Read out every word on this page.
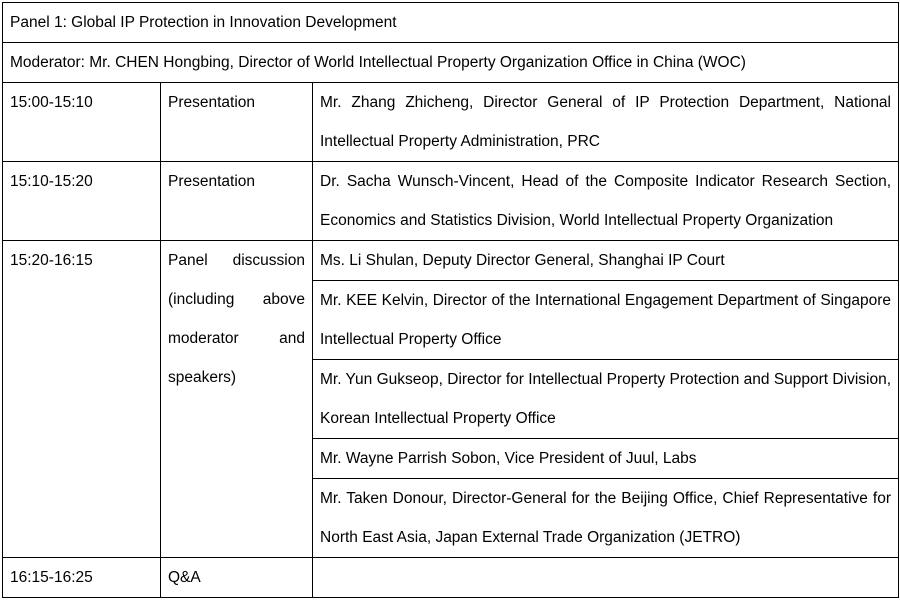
Panel 1: Global IP Protection in Innovation Development		
Moderator: Mr. CHEN Hongbing, Director of World Intellectual Property Organization Office in China (WOC)		
15:00-15:10	Presentation	Mr. Zhang Zhicheng, Director General of IP Protection Department, National Intellectual Property Administration, PRC
15:10-15:20	Presentation	Dr. Sacha Wunsch-Vincent, Head of the Composite Indicator Research Section, Economics and Statistics Division, World Intellectual Property Organization
15:20-16:15	Panel discussion (including above moderator and speakers)	Ms. Li Shulan, Deputy Director General, Shanghai IP Court
		Mr. KEE Kelvin, Director of the International Engagement Department of Singapore Intellectual Property Office
		Mr. Yun Gukseop, Director for Intellectual Property Protection and Support Division, Korean Intellectual Property Office
		Mr. Wayne Parrish Sobon, Vice President of Juul, Labs
		Mr. Taken Donour, Director-General for the Beijing Office, Chief Representative for North East Asia, Japan External Trade Organization (JETRO)
16:15-16:25	Q&A	
